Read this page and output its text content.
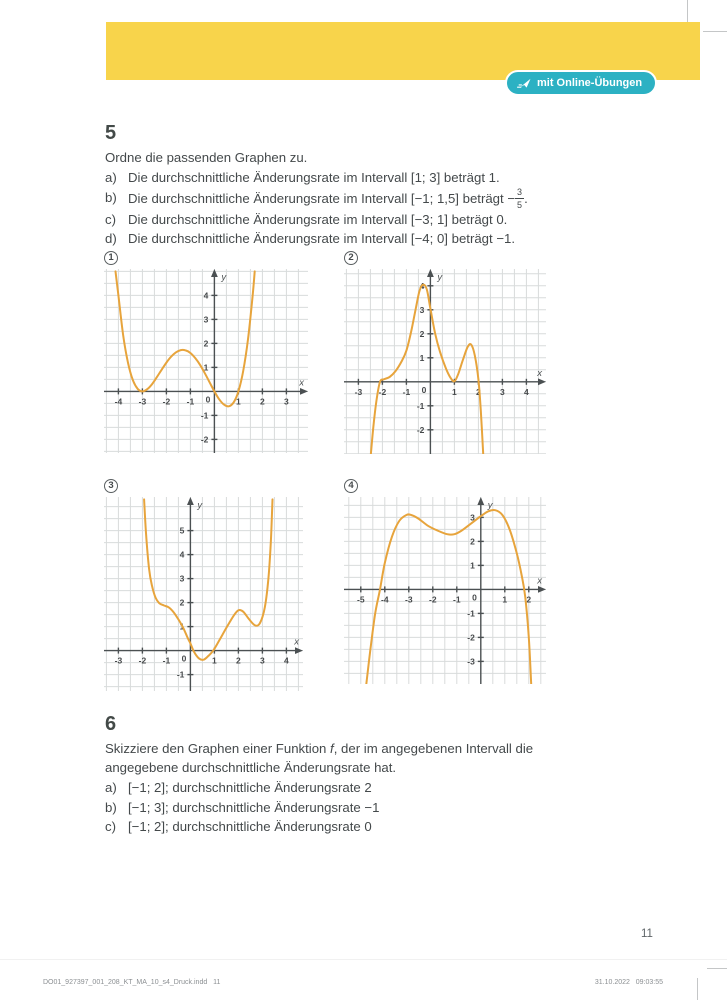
mit Online-Übungen
5
Ordne die passenden Graphen zu.
a) Die durchschnittliche Änderungsrate im Intervall [1; 3] beträgt 1.
b) Die durchschnittliche Änderungsrate im Intervall [−1; 1,5] beträgt − $\frac{3}{5}$ .
c) Die durchschnittliche Änderungsrate im Intervall [−3; 1] beträgt 0.
d) Die durchschnittliche Änderungsrate im Intervall [−4; 0] beträgt −1.
1
x
y
-4 -3 -2 -1	1 2 3
-2
-1
1
2
3
4
0
2
x
y
-3 -2 -1	1 2 3 4
-2
-1
1
2
3
4
0
3
x
y
-3 -2 -1	1 2 3 4
-1
1
2
3
4
5
0
4
x
y
-5 -4 -3 -2 -1	1 2
-3
-2
-1
1
2
3
0
6
Skizziere den Graphen einer Funktion f, der im angegebenen Intervall die angegebene durchschnittliche Änderungsrate hat.
a) [−1; 2]; durchschnittliche Änderungsrate 2
b) [−1; 3]; durchschnittliche Änderungsrate −1
c) [−1; 2]; durchschnittliche Änderungsrate 0
11
DO01_927397_001_208_KT_MA_10_s4_Druck.indd   11	31.10.2022   09:03:55
